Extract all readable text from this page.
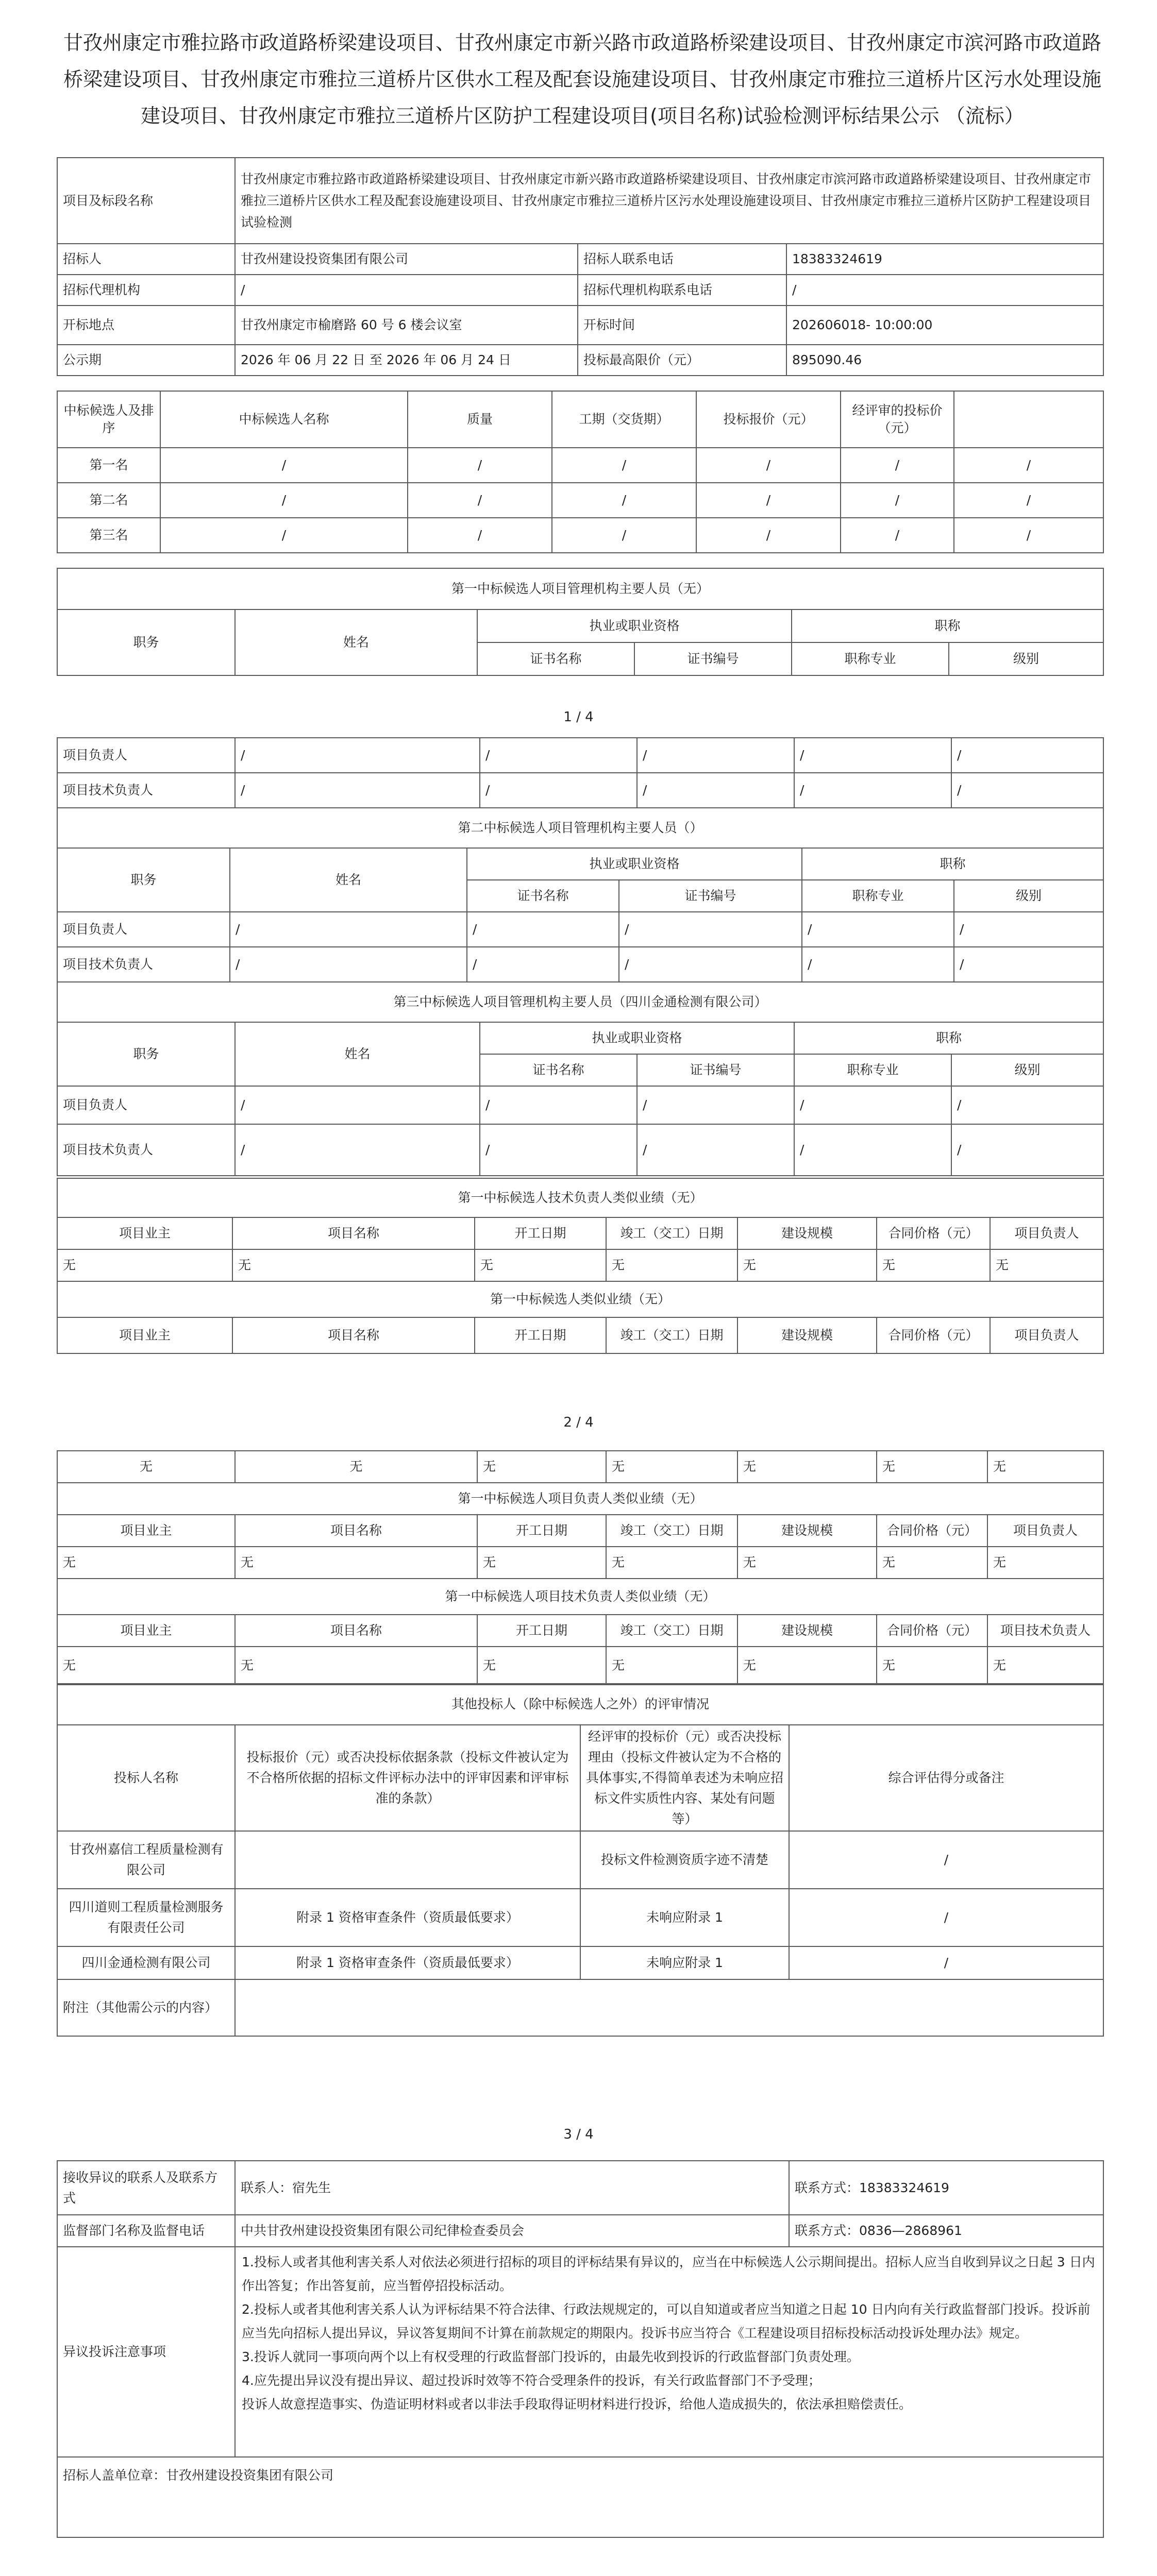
甘孜州康定市雅拉路市政道路桥梁建设项目、甘孜州康定市新兴路市政道路桥梁建设项目、甘孜州康定市滨河路市政道路桥梁建设项目、甘孜州康定市雅拉三道桥片区供水工程及配套设施建设项目、甘孜州康定市雅拉三道桥片区污水处理设施建设项目、甘孜州康定市雅拉三道桥片区防护工程建设项目(项目名称)试验检测评标结果公示 （流标）
项目及标段名称	甘孜州康定市雅拉路市政道路桥梁建设项目、甘孜州康定市新兴路市政道路桥梁建设项目、甘孜州康定市滨河路市政道路桥梁建设项目、甘孜州康定市雅拉三道桥片区供水工程及配套设施建设项目、甘孜州康定市雅拉三道桥片区污水处理设施建设项目、甘孜州康定市雅拉三道桥片区防护工程建设项目试验检测		
招标人	甘孜州建设投资集团有限公司	招标人联系电话	18383324619
招标代理机构	/	招标代理机构联系电话	/
开标地点	甘孜州康定市榆磨路 60 号 6 楼会议室	开标时间	202606018- 10:00:00
公示期	2026 年 06 月 22 日 至 2026 年 06 月 24 日	投标最高限价（元）	895090.46
中标候选人及排序	中标候选人名称	质量	工期（交货期）	投标报价（元）	经评审的投标价（元）	
第一名	/	/	/	/	/	/
第二名	/	/	/	/	/	/
第三名	/	/	/	/	/	/
第一中标候选人项目管理机构主要人员（无）					
职务	姓名	执业或职业资格		职称	
		证书名称	证书编号	职称专业	级别
1 / 4
项目负责人	/	/	/	/	/
项目技术负责人	/	/	/	/	/
第二中标候选人项目管理机构主要人员（）					
职务	姓名	执业或职业资格		职称	
		证书名称	证书编号	职称专业	级别
项目负责人	/	/	/	/	/
项目技术负责人	/	/	/	/	/
第三中标候选人项目管理机构主要人员（四川金通检测有限公司）					
职务	姓名	执业或职业资格		职称	
		证书名称	证书编号	职称专业	级别
项目负责人	/	/	/	/	/
项目技术负责人	/	/	/	/	/
第一中标候选人技术负责人类似业绩（无）						
项目业主	项目名称	开工日期	竣工（交工）日期	建设规模	合同价格（元）	项目负责人
无	无	无	无	无	无	无
第一中标候选人类似业绩（无）						
项目业主	项目名称	开工日期	竣工（交工）日期	建设规模	合同价格（元）	项目负责人
2 / 4
无	无	无	无	无	无	无
第一中标候选人项目负责人类似业绩（无）						
项目业主	项目名称	开工日期	竣工（交工）日期	建设规模	合同价格（元）	项目负责人
无	无	无	无	无	无	无
第一中标候选人项目技术负责人类似业绩（无）						
项目业主	项目名称	开工日期	竣工（交工）日期	建设规模	合同价格（元）	项目技术负责人
无	无	无	无	无	无	无
其他投标人（除中标候选人之外）的评审情况			
投标人名称	投标报价（元）或否决投标依据条款（投标文件被认定为不合格所依据的招标文件评标办法中的评审因素和评审标准的条款）	经评审的投标价（元）或否决投标理由（投标文件被认定为不合格的具体事实,不得简单表述为未响应招标文件实质性内容、某处有问题等）	综合评估得分或备注
甘孜州嘉信工程质量检测有限公司		投标文件检测资质字迹不清楚	/
四川道则工程质量检测服务有限责任公司	附录 1 资格审查条件（资质最低要求）	未响应附录 1	/
四川金通检测有限公司	附录 1 资格审查条件（资质最低要求）	未响应附录 1	/
附注（其他需公示的内容）			
3 / 4
接收异议的联系人及联系方式	联系人：宿先生	联系方式：18383324619
监督部门名称及监督电话	中共甘孜州建设投资集团有限公司纪律检查委员会	联系方式：0836—2868961
异议投诉注意事项	1.投标人或者其他利害关系人对依法必须进行招标的项目的评标结果有异议的，应当在中标候选人公示期间提出。招标人应当自收到异议之日起 3 日内作出答复；作出答复前，应当暂停招投标活动。

2.投标人或者其他利害关系人认为评标结果不符合法律、行政法规规定的，可以自知道或者应当知道之日起 10 日内向有关行政监督部门投诉。投诉前应当先向招标人提出异议，异议答复期间不计算在前款规定的期限内。投诉书应当符合《工程建设项目招标投标活动投诉处理办法》规定。

3.投诉人就同一事项向两个以上有权受理的行政监督部门投诉的，由最先收到投诉的行政监督部门负责处理。

4.应先提出异议没有提出异议、超过投诉时效等不符合受理条件的投诉，有关行政监督部门不予受理；

投诉人故意捏造事实、伪造证明材料或者以非法手段取得证明材料进行投诉，给他人造成损失的，依法承担赔偿责任。	

招标人盖单位章：甘孜州建设投资集团有限公司		
